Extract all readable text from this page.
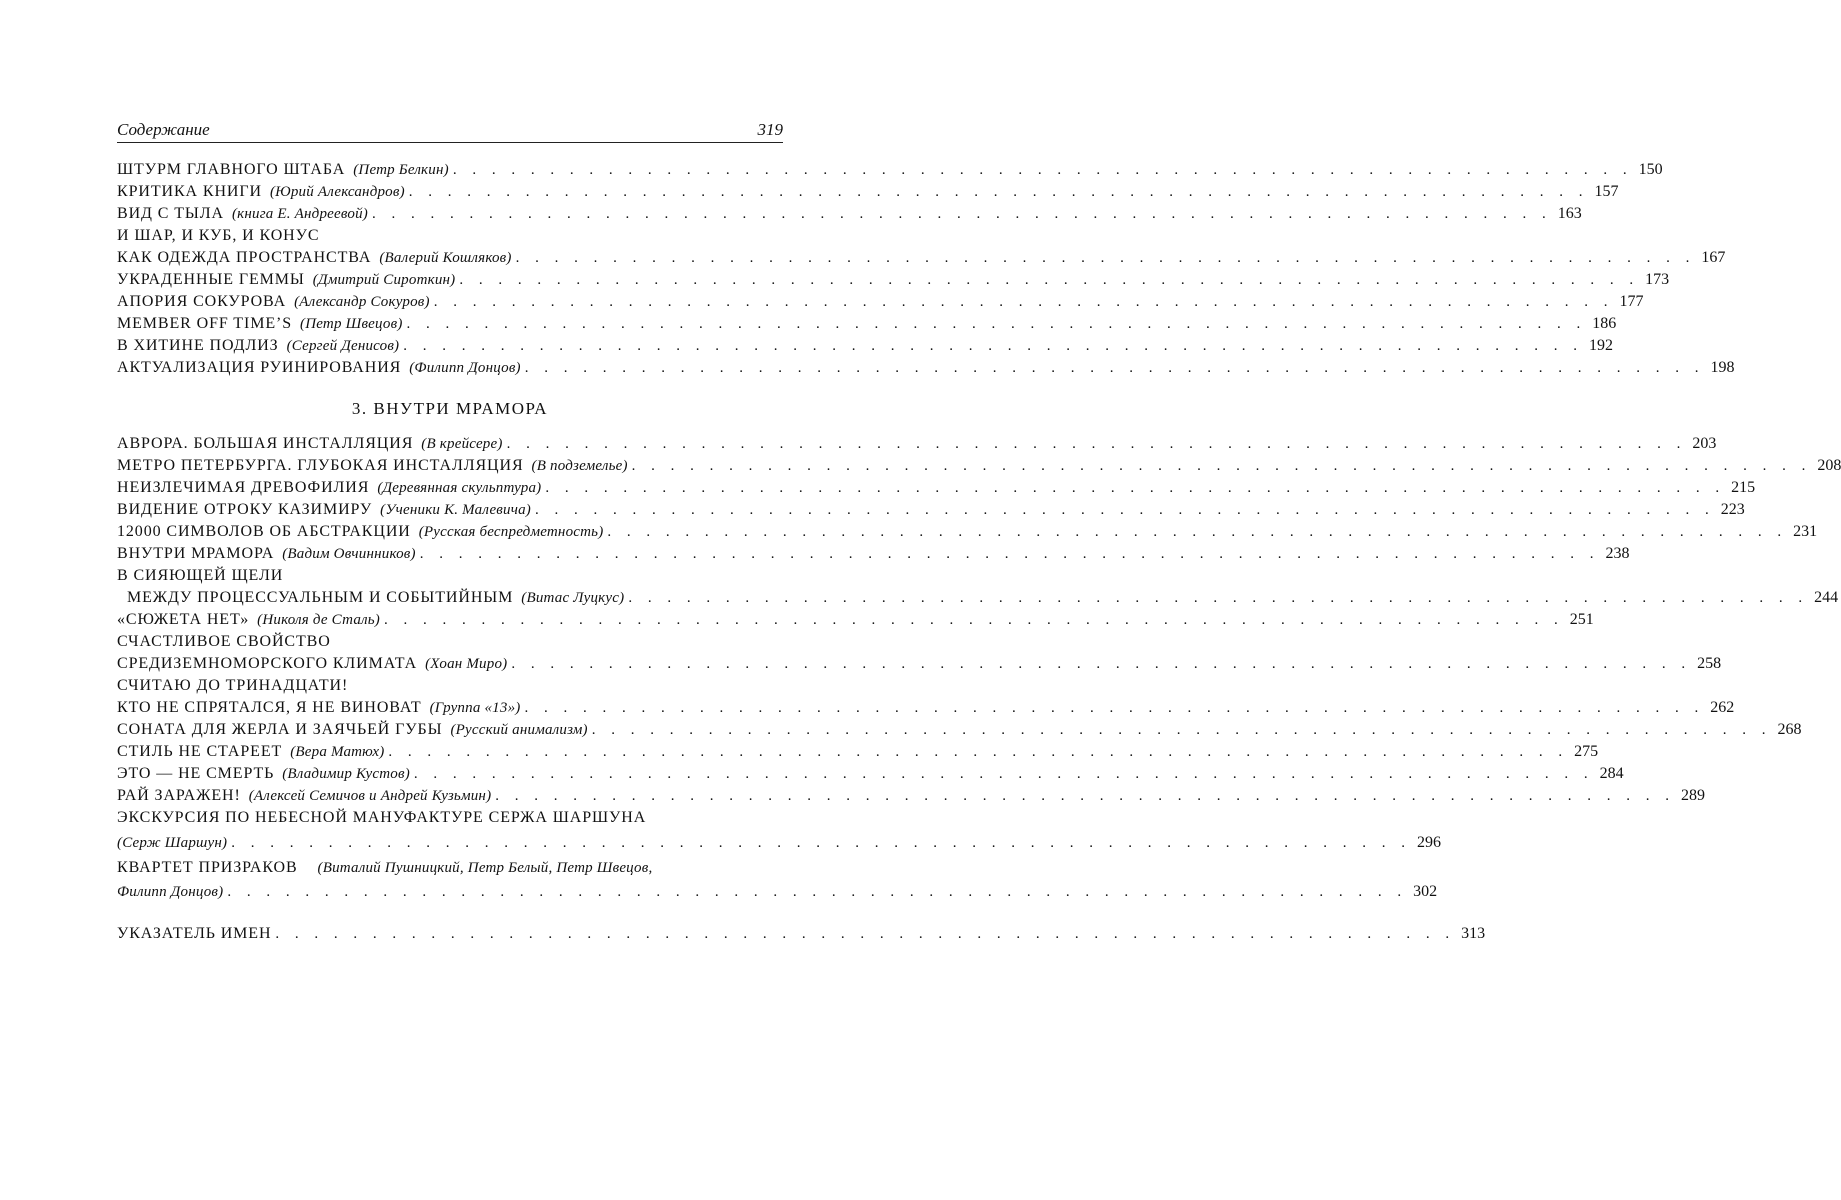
Содержание	319
ШТУРМ ГЛАВНОГО ШТАБА (Петр Белкин) . . . . . . . . . . . . . . . . . . . . . . . . . . . . . . . . . . . . . . . . . . . . . . . . . . . . . . . . . . . . . 150
КРИТИКА КНИГИ (Юрий Александров) . . . . . . . . . . . . . . . . . . . . . . . . . . . . . . . . . . . . . . . . . . . . . . . . . . . . . . . . . . . . . 157
ВИД С ТЫЛА (книга Е. Андреевой) . . . . . . . . . . . . . . . . . . . . . . . . . . . . . . . . . . . . . . . . . . . . . . . . . . . . . . . . . . . . . 163
И ШАР, И КУБ, И КОНУС
КАК ОДЕЖДА ПРОСТРАНСТВА (Валерий Кошляков) . . . . . . . . . . . . . . . . . . . . . . . . . . . . . . . . . . . . . . . . . . . . . . . . . . . . . . . . . . . . . 167
УКРАДЕННЫЕ ГЕММЫ (Дмитрий Сироткин) . . . . . . . . . . . . . . . . . . . . . . . . . . . . . . . . . . . . . . . . . . . . . . . . . . . . . . . . . . . . . 173
АПОРИЯ СОКУРОВА (Александр Сокуров) . . . . . . . . . . . . . . . . . . . . . . . . . . . . . . . . . . . . . . . . . . . . . . . . . . . . . . . . . . . . . 177
MEMBER OFF TIME’S (Петр Швецов) . . . . . . . . . . . . . . . . . . . . . . . . . . . . . . . . . . . . . . . . . . . . . . . . . . . . . . . . . . . . . 186
В ХИТИНЕ ПОДЛИЗ (Сергей Денисов) . . . . . . . . . . . . . . . . . . . . . . . . . . . . . . . . . . . . . . . . . . . . . . . . . . . . . . . . . . . . . 192
АКТУАЛИЗАЦИЯ РУИНИРОВАНИЯ (Филипп Донцов) . . . . . . . . . . . . . . . . . . . . . . . . . . . . . . . . . . . . . . . . . . . . . . . . . . . . . . . . . . . . . 198
3. ВНУТРИ МРАМОРА
АВРОРА. БОЛЬШАЯ ИНСТАЛЛЯЦИЯ (В крейсере) . . . . . . . . . . . . . . . . . . . . . . . . . . . . . . . . . . . . . . . . . . . . . . . . . . . . . . . . . . . . . 203
МЕТРО ПЕТЕРБУРГА. ГЛУБОКАЯ ИНСТАЛЛЯЦИЯ (В подземелье) . . . . . . . . . . . . . . . . . . . . . . . . . . . . . . . . . . . . . . . . . . . . . . . . . . . . . . . . . . . . . 208
НЕИЗЛЕЧИМАЯ ДРЕВОФИЛИЯ (Деревянная скульптура) . . . . . . . . . . . . . . . . . . . . . . . . . . . . . . . . . . . . . . . . . . . . . . . . . . . . . . . . . . . . . 215
ВИДЕНИЕ ОТРОКУ КАЗИМИРУ (Ученики К. Малевича) . . . . . . . . . . . . . . . . . . . . . . . . . . . . . . . . . . . . . . . . . . . . . . . . . . . . . . . . . . . . . 223
12000 СИМВОЛОВ ОБ АБСТРАКЦИИ (Русская беспредметность) . . . . . . . . . . . . . . . . . . . . . . . . . . . . . . . . . . . . . . . . . . . . . . . . . . . . . . . . . . . . . 231
ВНУТРИ МРАМОРА (Вадим Овчинников) . . . . . . . . . . . . . . . . . . . . . . . . . . . . . . . . . . . . . . . . . . . . . . . . . . . . . . . . . . . . . 238
В СИЯЮЩЕЙ ЩЕЛИ
МЕЖДУ ПРОЦЕССУАЛЬНЫМ И СОБЫТИЙНЫМ (Витас Луцкус) . . . . . . . . . . . . . . . . . . . . . . . . . . . . . . . . . . . . . . . . . . . . . . . . . . . . . . . . . . . . . 244
«СЮЖЕТА НЕТ» (Николя де Сталь) . . . . . . . . . . . . . . . . . . . . . . . . . . . . . . . . . . . . . . . . . . . . . . . . . . . . . . . . . . . . . 251
СЧАСТЛИВОЕ СВОЙСТВО
СРЕДИЗЕМНОМОРСКОГО КЛИМАТА (Хоан Миро) . . . . . . . . . . . . . . . . . . . . . . . . . . . . . . . . . . . . . . . . . . . . . . . . . . . . . . . . . . . . . 258
СЧИТАЮ ДО ТРИНАДЦАТИ!
КТО НЕ СПРЯТАЛСЯ, Я НЕ ВИНОВАТ (Группа «13») . . . . . . . . . . . . . . . . . . . . . . . . . . . . . . . . . . . . . . . . . . . . . . . . . . . . . . . . . . . . . 262
СОНАТА ДЛЯ ЖЕРЛА И ЗАЯЧЬЕЙ ГУБЫ (Русский анимализм) . . . . . . . . . . . . . . . . . . . . . . . . . . . . . . . . . . . . . . . . . . . . . . . . . . . . . . . . . . . . . 268
СТИЛЬ НЕ СТАРЕЕТ (Вера Матюх) . . . . . . . . . . . . . . . . . . . . . . . . . . . . . . . . . . . . . . . . . . . . . . . . . . . . . . . . . . . . . 275
ЭТО — НЕ СМЕРТЬ (Владимир Кустов) . . . . . . . . . . . . . . . . . . . . . . . . . . . . . . . . . . . . . . . . . . . . . . . . . . . . . . . . . . . . . 284
РАЙ ЗАРАЖЕН! (Алексей Семичов и Андрей Кузьмин) . . . . . . . . . . . . . . . . . . . . . . . . . . . . . . . . . . . . . . . . . . . . . . . . . . . . . . . . . . . . . 289
ЭКСКУРСИЯ ПО НЕБЕСНОЙ МАНУФАКТУРЕ СЕРЖА ШАРШУНА
(Серж Шаршун) . . . . . . . . . . . . . . . . . . . . . . . . . . . . . . . . . . . . . . . . . . . . . . . . . . . . . . . . . . . . . 296
КВАРТЕТ ПРИЗРАКОВ (Виталий Пушницкий, Петр Белый, Петр Швецов,
Филипп Донцов) . . . . . . . . . . . . . . . . . . . . . . . . . . . . . . . . . . . . . . . . . . . . . . . . . . . . . . . . . . . . . 302
УКАЗАТЕЛЬ ИМЕН . . . . . . . . . . . . . . . . . . . . . . . . . . . . . . . . . . . . . . . . . . . . . . . . . . . . . . . . . . . . . 313
